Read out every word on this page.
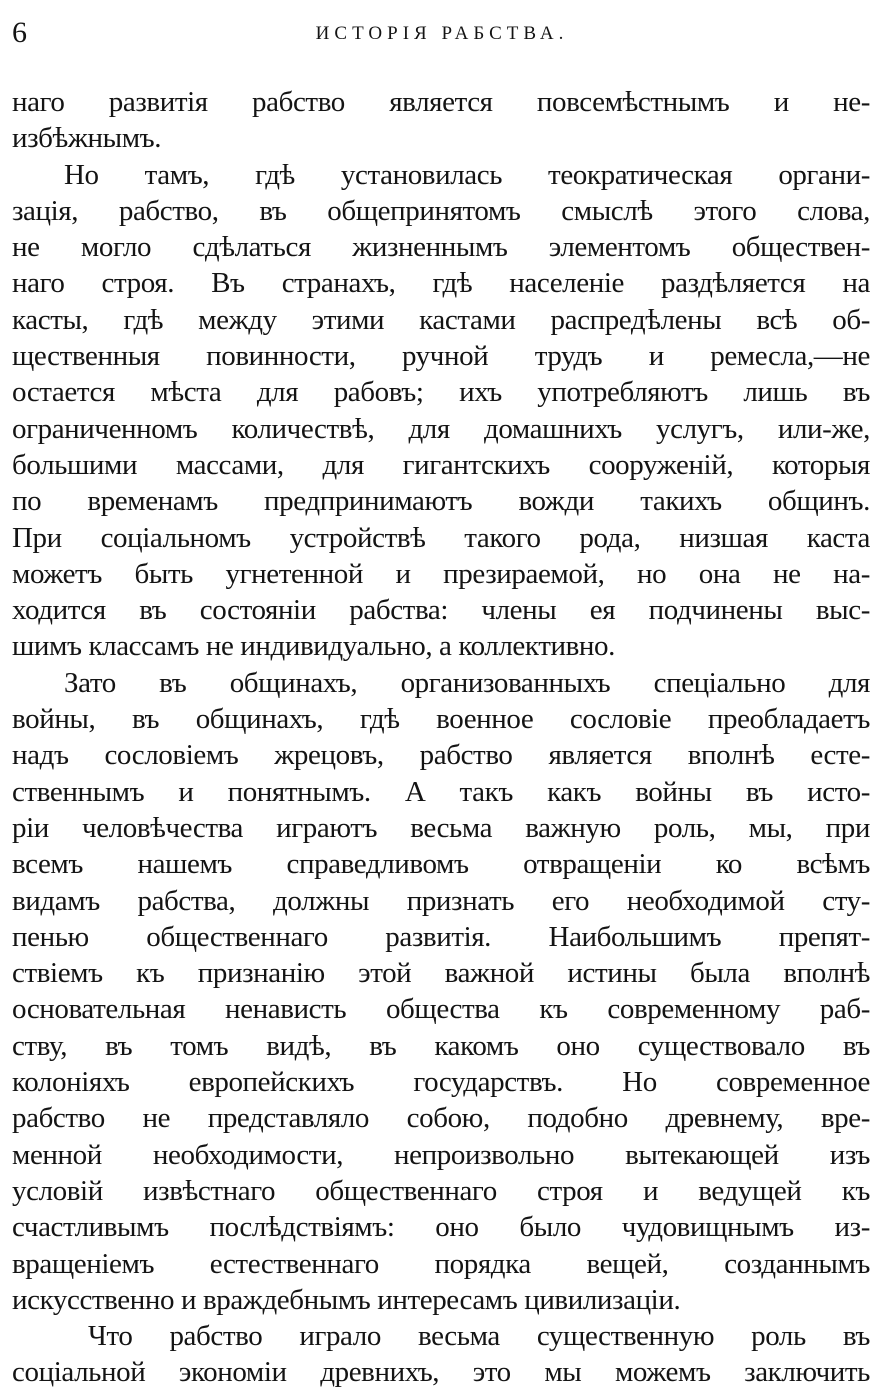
6	ИСТОРІЯ РАБСТВА.
наго развитія рабство является повсемѣстнымъ и не-
избѣжнымъ.
Но тамъ, гдѣ установилась теократическая органи-
зація, рабство, въ общепринятомъ смыслѣ этого слова,
не могло сдѣлаться жизненнымъ элементомъ обществен-
наго строя. Въ странахъ, гдѣ населеніе раздѣляется на
касты, гдѣ между этими кастами распредѣлены всѣ об-
щественныя повинности, ручной трудъ и ремесла,—не
остается мѣста для рабовъ; ихъ употребляютъ лишь въ
ограниченномъ количествѣ, для домашнихъ услугъ, или-же,
большими массами, для гигантскихъ сооруженій, которыя
по временамъ предпринимаютъ вожди такихъ общинъ.
При соціальномъ устройствѣ такого рода, низшая каста
можетъ быть угнетенной и презираемой, но она не на-
ходится въ состояніи рабства: члены ея подчинены выс-
шимъ классамъ не индивидуально, а коллективно.
Зато въ общинахъ, организованныхъ спеціально для
войны, въ общинахъ, гдѣ военное сословіе преобладаетъ
надъ сословіемъ жрецовъ, рабство является вполнѣ есте-
ственнымъ и понятнымъ. А такъ какъ войны въ исто-
ріи человѣчества играютъ весьма важную роль, мы, при
всемъ нашемъ справедливомъ отвращеніи ко всѣмъ
видамъ рабства, должны признать его необходимой сту-
пенью общественнаго развитія. Наибольшимъ препят-
ствіемъ къ признанію этой важной истины была вполнѣ
основательная ненависть общества къ современному раб-
ству, въ томъ видѣ, въ какомъ оно существовало въ
колоніяхъ европейскихъ государствъ. Но современное
рабство не представляло собою, подобно древнему, вре-
менной необходимости, непроизвольно вытекающей изъ
условій извѣстнаго общественнаго строя и ведущей къ
счастливымъ послѣдствіямъ: оно было чудовищнымъ из-
вращеніемъ естественнаго порядка вещей, созданнымъ
искусственно и враждебнымъ интересамъ цивилизаціи.
Что рабство играло весьма существенную роль въ
соціальной экономіи древнихъ, это мы можемъ заключить
